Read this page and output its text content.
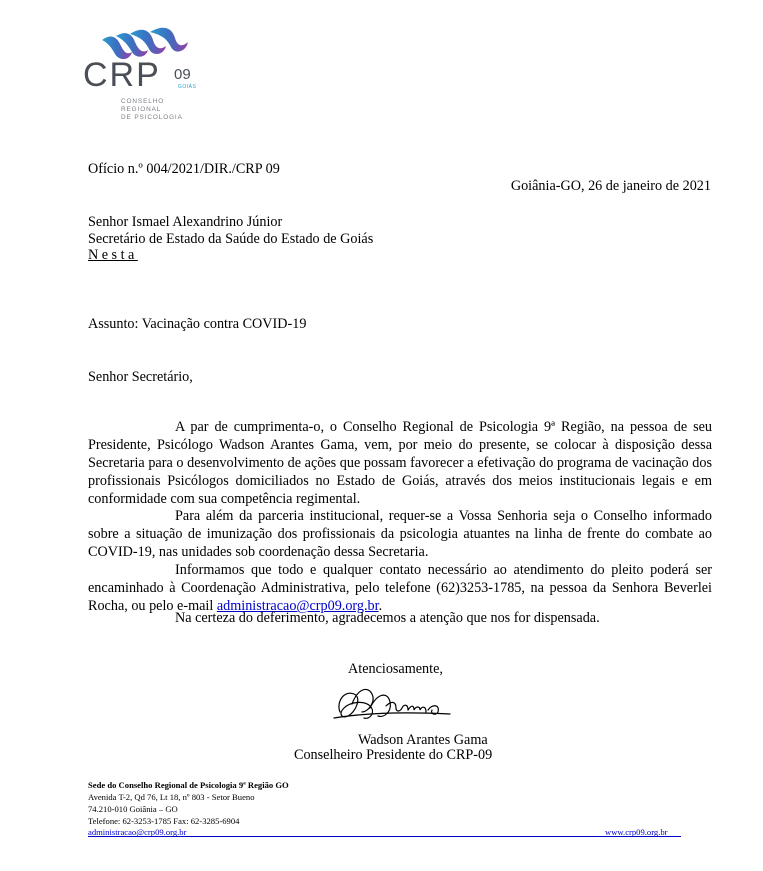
CRP 09
GOIÁS
CONSELHO
REGIONAL
DE PSICOLOGIA
Ofício n.º 004/2021/DIR./CRP 09
Goiânia-GO, 26 de janeiro de 2021
Senhor Ismael Alexandrino Júnior
Secretário de Estado da Saúde do Estado de Goiás
Nesta
Assunto: Vacinação contra COVID-19
Senhor Secretário,
A par de cumprimenta-o, o Conselho Regional de Psicologia 9ª Região, na pessoa de seu Presidente, Psicólogo Wadson Arantes Gama, vem, por meio do presente, se colocar à disposição dessa Secretaria para o desenvolvimento de ações que possam favorecer a efetivação do programa de vacinação dos profissionais Psicólogos domiciliados no Estado de Goiás, através dos meios institucionais legais e em conformidade com sua competência regimental.
Para além da parceria institucional, requer-se a Vossa Senhoria seja o Conselho informado sobre a situação de imunização dos profissionais da psicologia atuantes na linha de frente do combate ao COVID-19, nas unidades sob coordenação dessa Secretaria.
Informamos que todo e qualquer contato necessário ao atendimento do pleito poderá ser encaminhado à Coordenação Administrativa, pelo telefone (62)3253-1785, na pessoa da Senhora Beverlei Rocha, ou pelo e-mail administracao@crp09.org.br.
Na certeza do deferimento, agradecemos a atenção que nos for dispensada.
Atenciosamente,
Wadson Arantes Gama
Conselheiro Presidente do CRP-09
Sede do Conselho Regional de Psicologia 9ª Região GO
Avenida T-2, Qd 76, Lt 18, nº 803 - Setor Bueno
74.210-010 Goiânia – GO
Telefone: 62-3253-1785 Fax: 62-3285-6904
administracao@crp09.org.br	www.crp09.org.br
